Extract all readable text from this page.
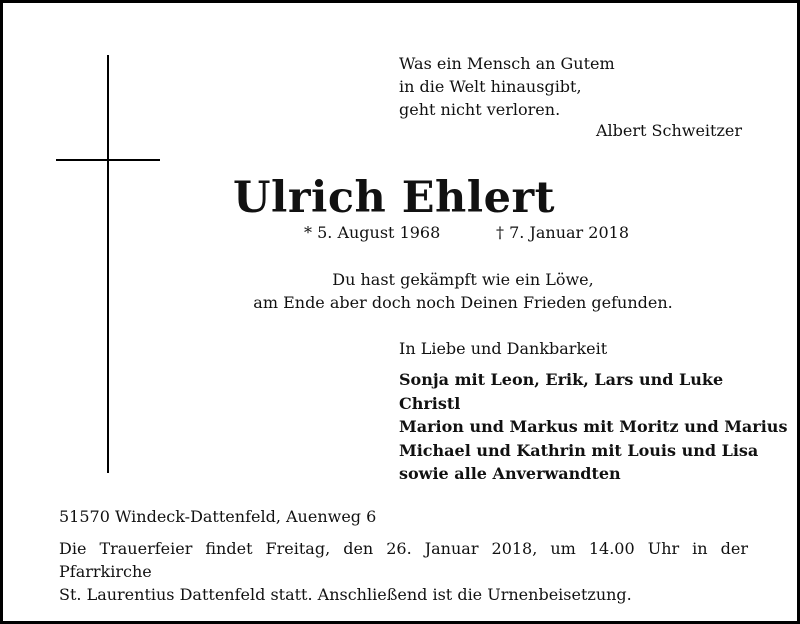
Was ein Mensch an Gutem
in die Welt hinausgibt,
geht nicht verloren.
Albert Schweitzer
Ulrich Ehlert
* 5. August 1968	† 7. Januar 2018
Du hast gekämpft wie ein Löwe,
am Ende aber doch noch Deinen Frieden gefunden.
In Liebe und Dankbarkeit
Sonja mit Leon, Erik, Lars und Luke
Christl
Marion und Markus mit Moritz und Marius
Michael und Kathrin mit Louis und Lisa
sowie alle Anverwandten
51570 Windeck-Dattenfeld, Auenweg 6
Die Trauerfeier findet Freitag, den 26. Januar 2018, um 14.00 Uhr in der Pfarrkirche
St. Laurentius Dattenfeld statt. Anschließend ist die Urnenbeisetzung.
